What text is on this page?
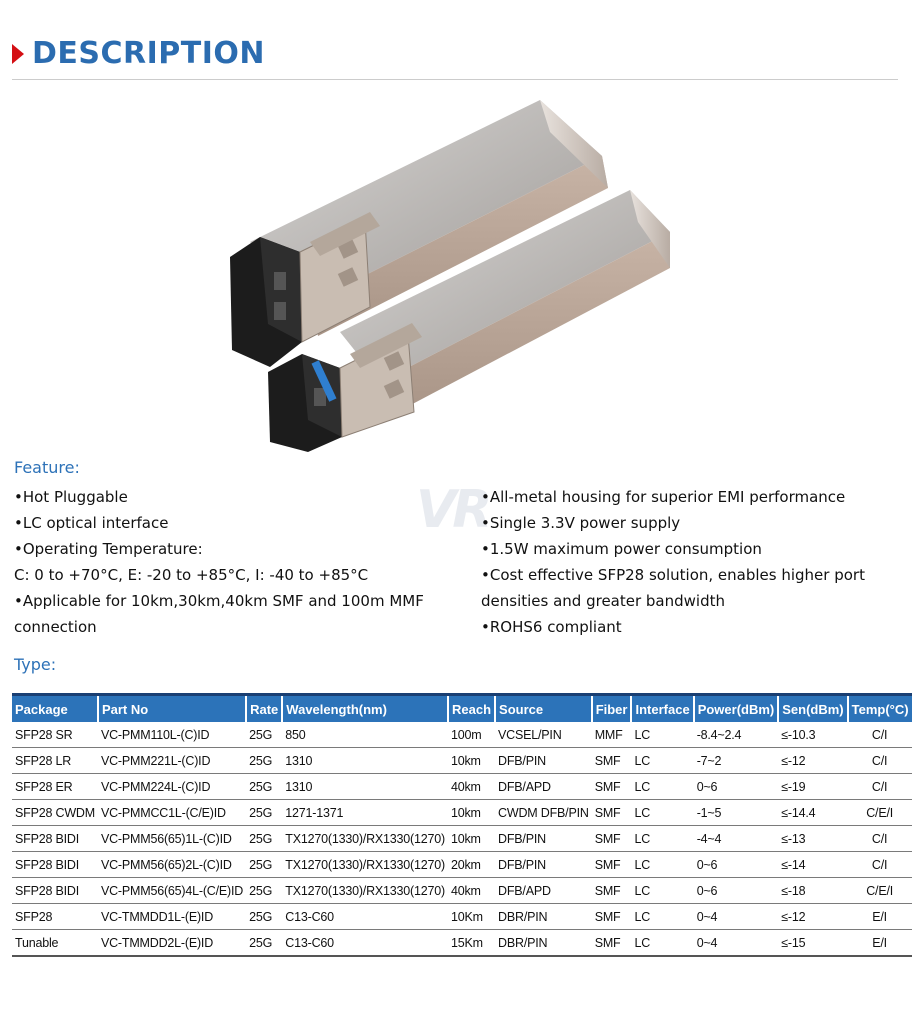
DESCRIPTION
Feature:
VR
•Hot Pluggable
•LC optical interface
•Operating Temperature:
C: 0 to +70°C, E: -20 to +85°C, I: -40 to +85°C
•Applicable for 10km,30km,40km SMF and 100m MMF
connection
•All-metal housing for superior EMI performance
•Single 3.3V power supply
•1.5W maximum power consumption
•Cost effective SFP28 solution, enables higher port
densities and greater bandwidth
•ROHS6 compliant
Type:
Package	Part No	Rate	Wavelength(nm)	Reach	Source	Fiber	Interface	Power(dBm)	Sen(dBm)	Temp(°C)
SFP28 SR	VC-PMM110L-(C)ID	25G	850	100m	VCSEL/PIN	MMF	LC	-8.4~2.4	≤-10.3	C/I
SFP28 LR	VC-PMM221L-(C)ID	25G	1310	10km	DFB/PIN	SMF	LC	-7~2	≤-12	C/I
SFP28 ER	VC-PMM224L-(C)ID	25G	1310	40km	DFB/APD	SMF	LC	0~6	≤-19	C/I
SFP28 CWDM	VC-PMMCC1L-(C/E)ID	25G	1271-1371	10km	CWDM DFB/PIN	SMF	LC	-1~5	≤-14.4	C/E/I
SFP28 BIDI	VC-PMM56(65)1L-(C)ID	25G	TX1270(1330)/RX1330(1270)	10km	DFB/PIN	SMF	LC	-4~4	≤-13	C/I
SFP28 BIDI	VC-PMM56(65)2L-(C)ID	25G	TX1270(1330)/RX1330(1270)	20km	DFB/PIN	SMF	LC	0~6	≤-14	C/I
SFP28 BIDI	VC-PMM56(65)4L-(C/E)ID	25G	TX1270(1330)/RX1330(1270)	40km	DFB/APD	SMF	LC	0~6	≤-18	C/E/I
SFP28	VC-TMMDD1L-(E)ID	25G	C13-C60	10Km	DBR/PIN	SMF	LC	0~4	≤-12	E/I
Tunable	VC-TMMDD2L-(E)ID	25G	C13-C60	15Km	DBR/PIN	SMF	LC	0~4	≤-15	E/I
